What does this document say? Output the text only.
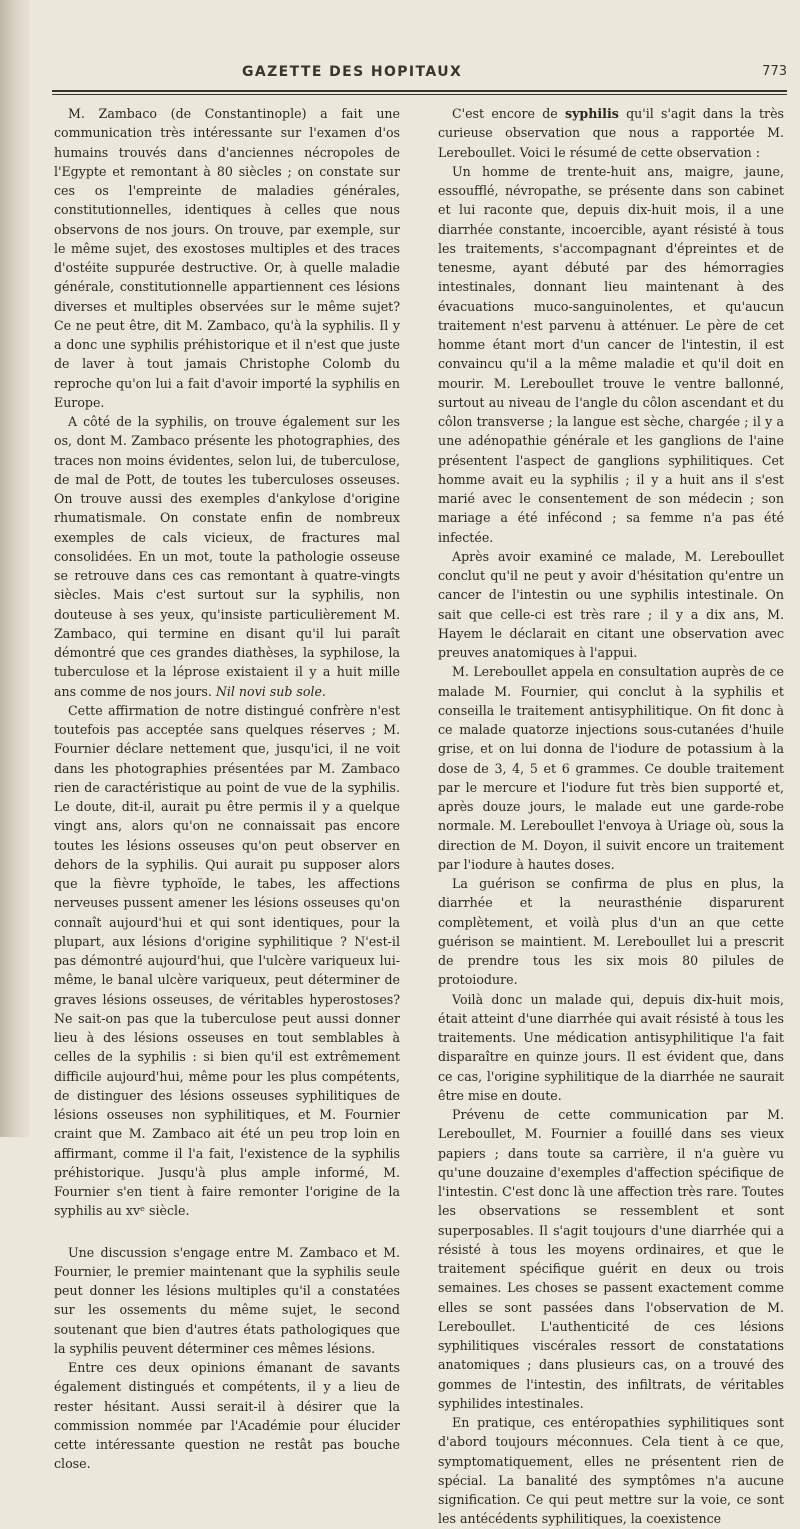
GAZETTE DES HOPITAUX	773

M. Zambaco (de Constantinople) a fait une communication très intéressante sur l'examen d'os humains trouvés dans d'anciennes nécropoles de l'Egypte et remontant à 80 siècles ; on constate sur ces os l'empreinte de maladies générales, constitutionnelles, identiques à celles que nous observons de nos jours. On trouve, par exemple, sur le même sujet, des exostoses multiples et des traces d'ostéite suppurée destructive. Or, à quelle maladie générale, constitutionnelle appartiennent ces lésions diverses et multiples observées sur le même sujet? Ce ne peut être, dit M. Zambaco, qu'à la syphilis. Il y a donc une syphilis préhistorique et il n'est que juste de laver à tout jamais Christophe Colomb du reproche qu'on lui a fait d'avoir importé la syphilis en Europe.

A côté de la syphilis, on trouve également sur les os, dont M. Zambaco présente les photographies, des traces non moins évidentes, selon lui, de tuberculose, de mal de Pott, de toutes les tuberculoses osseuses. On trouve aussi des exemples d'ankylose d'origine rhumatismale. On constate enfin de nombreux exemples de cals vicieux, de fractures mal consolidées. En un mot, toute la pathologie osseuse se retrouve dans ces cas remontant à quatre-vingts siècles. Mais c'est surtout sur la syphilis, non douteuse à ses yeux, qu'insiste particulièrement M. Zambaco, qui termine en disant qu'il lui paraît démontré que ces grandes diathèses, la syphilose, la tuberculose et la léprose existaient il y a huit mille ans comme de nos jours. Nil novi sub sole.

Cette affirmation de notre distingué confrère n'est toutefois pas acceptée sans quelques réserves ; M. Fournier déclare nettement que, jusqu'ici, il ne voit dans les photographies présentées par M. Zambaco rien de caractéristique au point de vue de la syphilis. Le doute, dit-il, aurait pu être permis il y a quelque vingt ans, alors qu'on ne connaissait pas encore toutes les lésions osseuses qu'on peut observer en dehors de la syphilis. Qui aurait pu supposer alors que la fièvre typhoïde, le tabes, les affections nerveuses pussent amener les lésions osseuses qu'on connaît aujourd'hui et qui sont identiques, pour la plupart, aux lésions d'origine syphilitique ? N'est-il pas démontré aujourd'hui, que l'ulcère variqueux lui-même, le banal ulcère variqueux, peut déterminer de graves lésions osseuses, de véritables hyperostoses? Ne sait-on pas que la tuberculose peut aussi donner lieu à des lésions osseuses en tout semblables à celles de la syphilis : si bien qu'il est extrêmement difficile aujourd'hui, même pour les plus compétents, de distinguer des lésions osseuses syphilitiques de lésions osseuses non syphilitiques, et M. Fournier craint que M. Zambaco ait été un peu trop loin en affirmant, comme il l'a fait, l'existence de la syphilis préhistorique. Jusqu'à plus ample informé, M. Fournier s'en tient à faire remonter l'origine de la syphilis au xvᵉ siècle.

Une discussion s'engage entre M. Zambaco et M. Fournier, le premier maintenant que la syphilis seule peut donner les lésions multiples qu'il a constatées sur les ossements du même sujet, le second soutenant que bien d'autres états pathologiques que la syphilis peuvent déterminer ces mêmes lésions.

Entre ces deux opinions émanant de savants également distingués et compétents, il y a lieu de rester hésitant. Aussi serait-il à désirer que la commission nommée par l'Académie pour élucider cette intéressante question ne restât pas bouche close.

C'est encore de syphilis qu'il s'agit dans la très curieuse observation que nous a rapportée M. Lereboullet. Voici le résumé de cette observation :

Un homme de trente-huit ans, maigre, jaune, essoufflé, névropathe, se présente dans son cabinet et lui raconte que, depuis dix-huit mois, il a une diarrhée constante, incoercible, ayant résisté à tous les traitements, s'accompagnant d'épreintes et de tenesme, ayant débuté par des hémorragies intestinales, donnant lieu maintenant à des évacuations muco-sanguinolentes, et qu'aucun traitement n'est parvenu à atténuer. Le père de cet homme étant mort d'un cancer de l'intestin, il est convaincu qu'il a la même maladie et qu'il doit en mourir. M. Lereboullet trouve le ventre ballonné, surtout au niveau de l'angle du côlon ascendant et du côlon transverse ; la langue est sèche, chargée ; il y a une adénopathie générale et les ganglions de l'aine présentent l'aspect de ganglions syphilitiques. Cet homme avait eu la syphilis ; il y a huit ans il s'est marié avec le consentement de son médecin ; son mariage a été infécond ; sa femme n'a pas été infectée.

Après avoir examiné ce malade, M. Lereboullet conclut qu'il ne peut y avoir d'hésitation qu'entre un cancer de l'intestin ou une syphilis intestinale. On sait que celle-ci est très rare ; il y a dix ans, M. Hayem le déclarait en citant une observation avec preuves anatomiques à l'appui.

M. Lereboullet appela en consultation auprès de ce malade M. Fournier, qui conclut à la syphilis et conseilla le traitement antisyphilitique. On fit donc à ce malade quatorze injections sous-cutanées d'huile grise, et on lui donna de l'iodure de potassium à la dose de 3, 4, 5 et 6 grammes. Ce double traitement par le mercure et l'iodure fut très bien supporté et, après douze jours, le malade eut une garde-robe normale. M. Lereboullet l'envoya à Uriage où, sous la direction de M. Doyon, il suivit encore un traitement par l'iodure à hautes doses.

La guérison se confirma de plus en plus, la diarrhée et la neurasthénie disparurent complètement, et voilà plus d'un an que cette guérison se maintient. M. Lereboullet lui a prescrit de prendre tous les six mois 80 pilules de protoiodure.

Voilà donc un malade qui, depuis dix-huit mois, était atteint d'une diarrhée qui avait résisté à tous les traitements. Une médication antisyphilitique l'a fait disparaître en quinze jours. Il est évident que, dans ce cas, l'origine syphilitique de la diarrhée ne saurait être mise en doute.

Prévenu de cette communication par M. Lereboullet, M. Fournier a fouillé dans ses vieux papiers ; dans toute sa carrière, il n'a guère vu qu'une douzaine d'exemples d'affection spécifique de l'intestin. C'est donc là une affection très rare. Toutes les observations se ressemblent et sont superposables. Il s'agit toujours d'une diarrhée qui a résisté à tous les moyens ordinaires, et que le traitement spécifique guérit en deux ou trois semaines. Les choses se passent exactement comme elles se sont passées dans l'observation de M. Lereboullet. L'authenticité de ces lésions syphilitiques viscérales ressort de constatations anatomiques ; dans plusieurs cas, on a trouvé des gommes de l'intestin, des infiltrats, de véritables syphilides intestinales.

En pratique, ces entéropathies syphilitiques sont d'abord toujours méconnues. Cela tient à ce que, symptomatiquement, elles ne présentent rien de spécial. La banalité des symptômes n'a aucune signification. Ce qui peut mettre sur la voie, ce sont les antécédents syphilitiques, la coexistence
